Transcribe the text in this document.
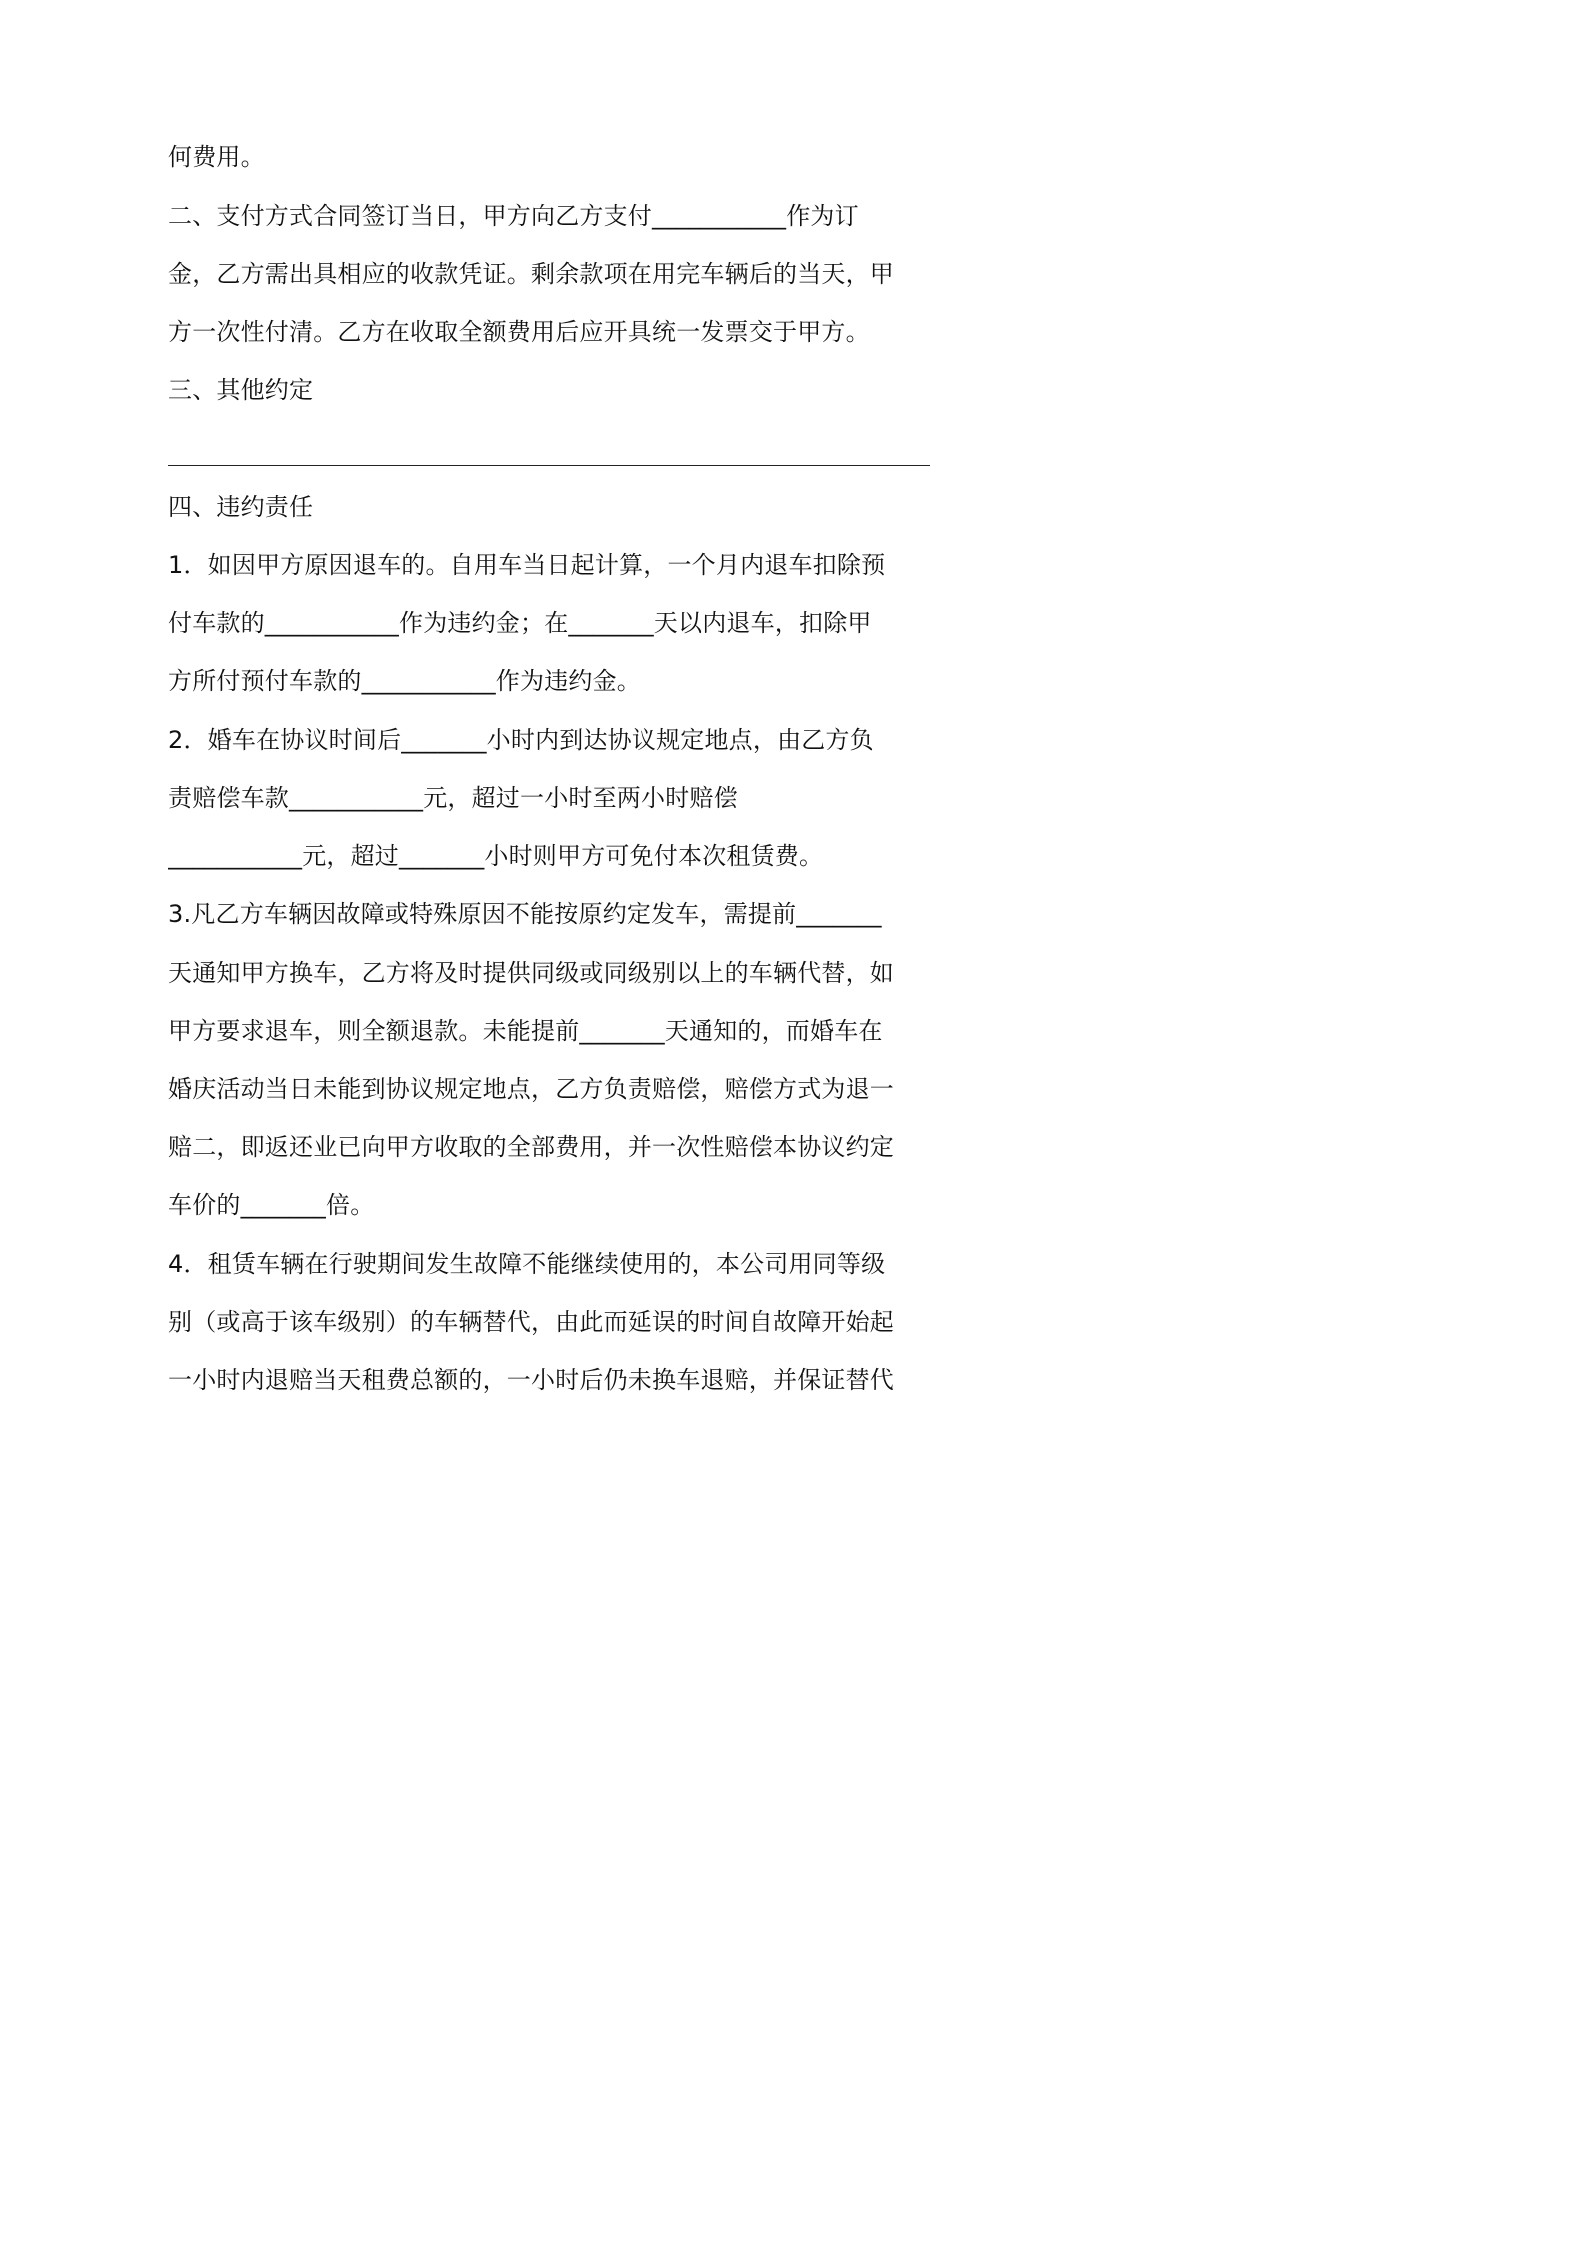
何费用。
二、支付方式合同签订当日，甲方向乙方支付___________作为订
金，乙方需出具相应的收款凭证。剩余款项在用完车辆后的当天，甲
方一次性付清。乙方在收取全额费用后应开具统一发票交于甲方。
三、其他约定
四、违约责任
1．如因甲方原因退车的。自用车当日起计算，一个月内退车扣除预
付车款的___________作为违约金；在_______天以内退车，扣除甲
方所付预付车款的___________作为违约金。
2．婚车在协议时间后_______小时内到达协议规定地点，由乙方负
责赔偿车款___________元，超过一小时至两小时赔偿
___________元，超过_______小时则甲方可免付本次租赁费。
3.凡乙方车辆因故障或特殊原因不能按原约定发车，需提前_______
天通知甲方换车，乙方将及时提供同级或同级别以上的车辆代替，如
甲方要求退车，则全额退款。未能提前_______天通知的，而婚车在
婚庆活动当日未能到协议规定地点，乙方负责赔偿，赔偿方式为退一
赔二，即返还业已向甲方收取的全部费用，并一次性赔偿本协议约定
车价的_______倍。
4．租赁车辆在行驶期间发生故障不能继续使用的，本公司用同等级
别（或高于该车级别）的车辆替代，由此而延误的时间自故障开始起
一小时内退赔当天租费总额的，一小时后仍未换车退赔，并保证替代
